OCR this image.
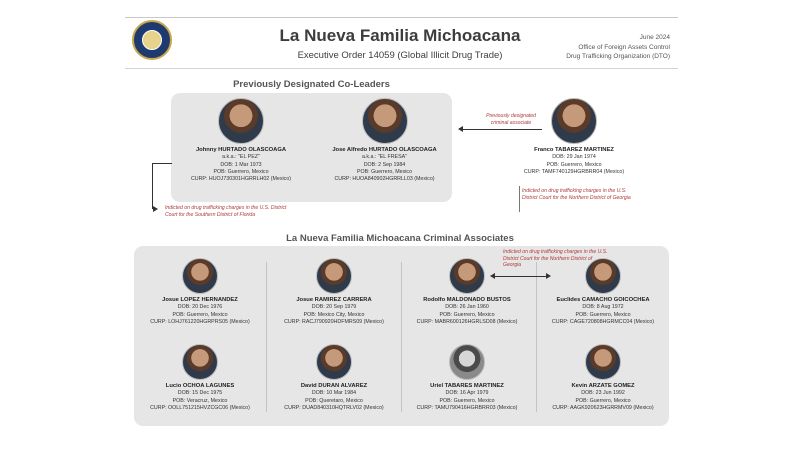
La Nueva Familia Michoacana
Executive Order 14059 (Global Illicit Drug Trade)
June 2024
Office of Foreign Assets Control
Drug Trafficking Organization (DTO)
Previously Designated Co-Leaders
Johnny HURTADO OLASCOAGA
a.k.a.: "EL PEZ"
DOB: 1 Mar 1973
POB: Guerrero, Mexico
CURP: HUOJ730301HGRRLH02 (Mexico)
Jose Alfredo HURTADO OLASCOAGA
a.k.a.: "EL FRESA"
DOB: 2 Sep 1984
POB: Guerrero, Mexico
CURP: HUOA840902HGRRLL03 (Mexico)
Previously designated criminal associate
Franco TABAREZ MARTINEZ
DOB: 29 Jan 1974
POB: Guerrero, Mexico
CURP: TAMF740129HGRBRR04 (Mexico)
Indicted on drug trafficking charges in the U.S. District Court for the Northern District of Georgia
Indicted on drug trafficking charges in the U.S. District Court for the Southern District of Florida
La Nueva Familia Michoacana Criminal Associates
Indicted on drug trafficking charges in the U.S. District Court for the Northern District of Georgia
Josue LOPEZ HERNANDEZ
DOB: 20 Dec 1976
POB: Guerrero, Mexico
CURP: LOHJ761220HGRPRS05 (Mexico)
Josue RAMIREZ CARRERA
DOB: 20 Sep 1979
POB: Mexico City, Mexico
CURP: RACJ790920HDFMRS09 (Mexico)
Rodolfo MALDONADO BUSTOS
DOB: 26 Jan 1960
POB: Guerrero, Mexico
CURP: MABR600126HGRLSD08 (Mexico)
Euclides CAMACHO GOICOCHEA
DOB: 8 Aug 1972
POB: Guerrero, Mexico
CURP: CAGE720808HGRMCC04 (Mexico)
Lucio OCHOA LAGUNES
DOB: 15 Dec 1975
POB: Veracruz, Mexico
CURP: OOLL751215HVZCGC06 (Mexico)
David DURAN ALVAREZ
DOB: 10 Mar 1984
POB: Queretaro, Mexico
CURP: DUAD840310HQTRLV02 (Mexico)
Uriel TABARES MARTINEZ
DOB: 16 Apr 1979
POB: Guerrero, Mexico
CURP: TAMU790416HGRBRR03 (Mexico)
Kevin ARZATE GOMEZ
DOB: 23 Jun 1992
POB: Guerrero, Mexico
CURP: AAGK920623HGRRMV09 (Mexico)
